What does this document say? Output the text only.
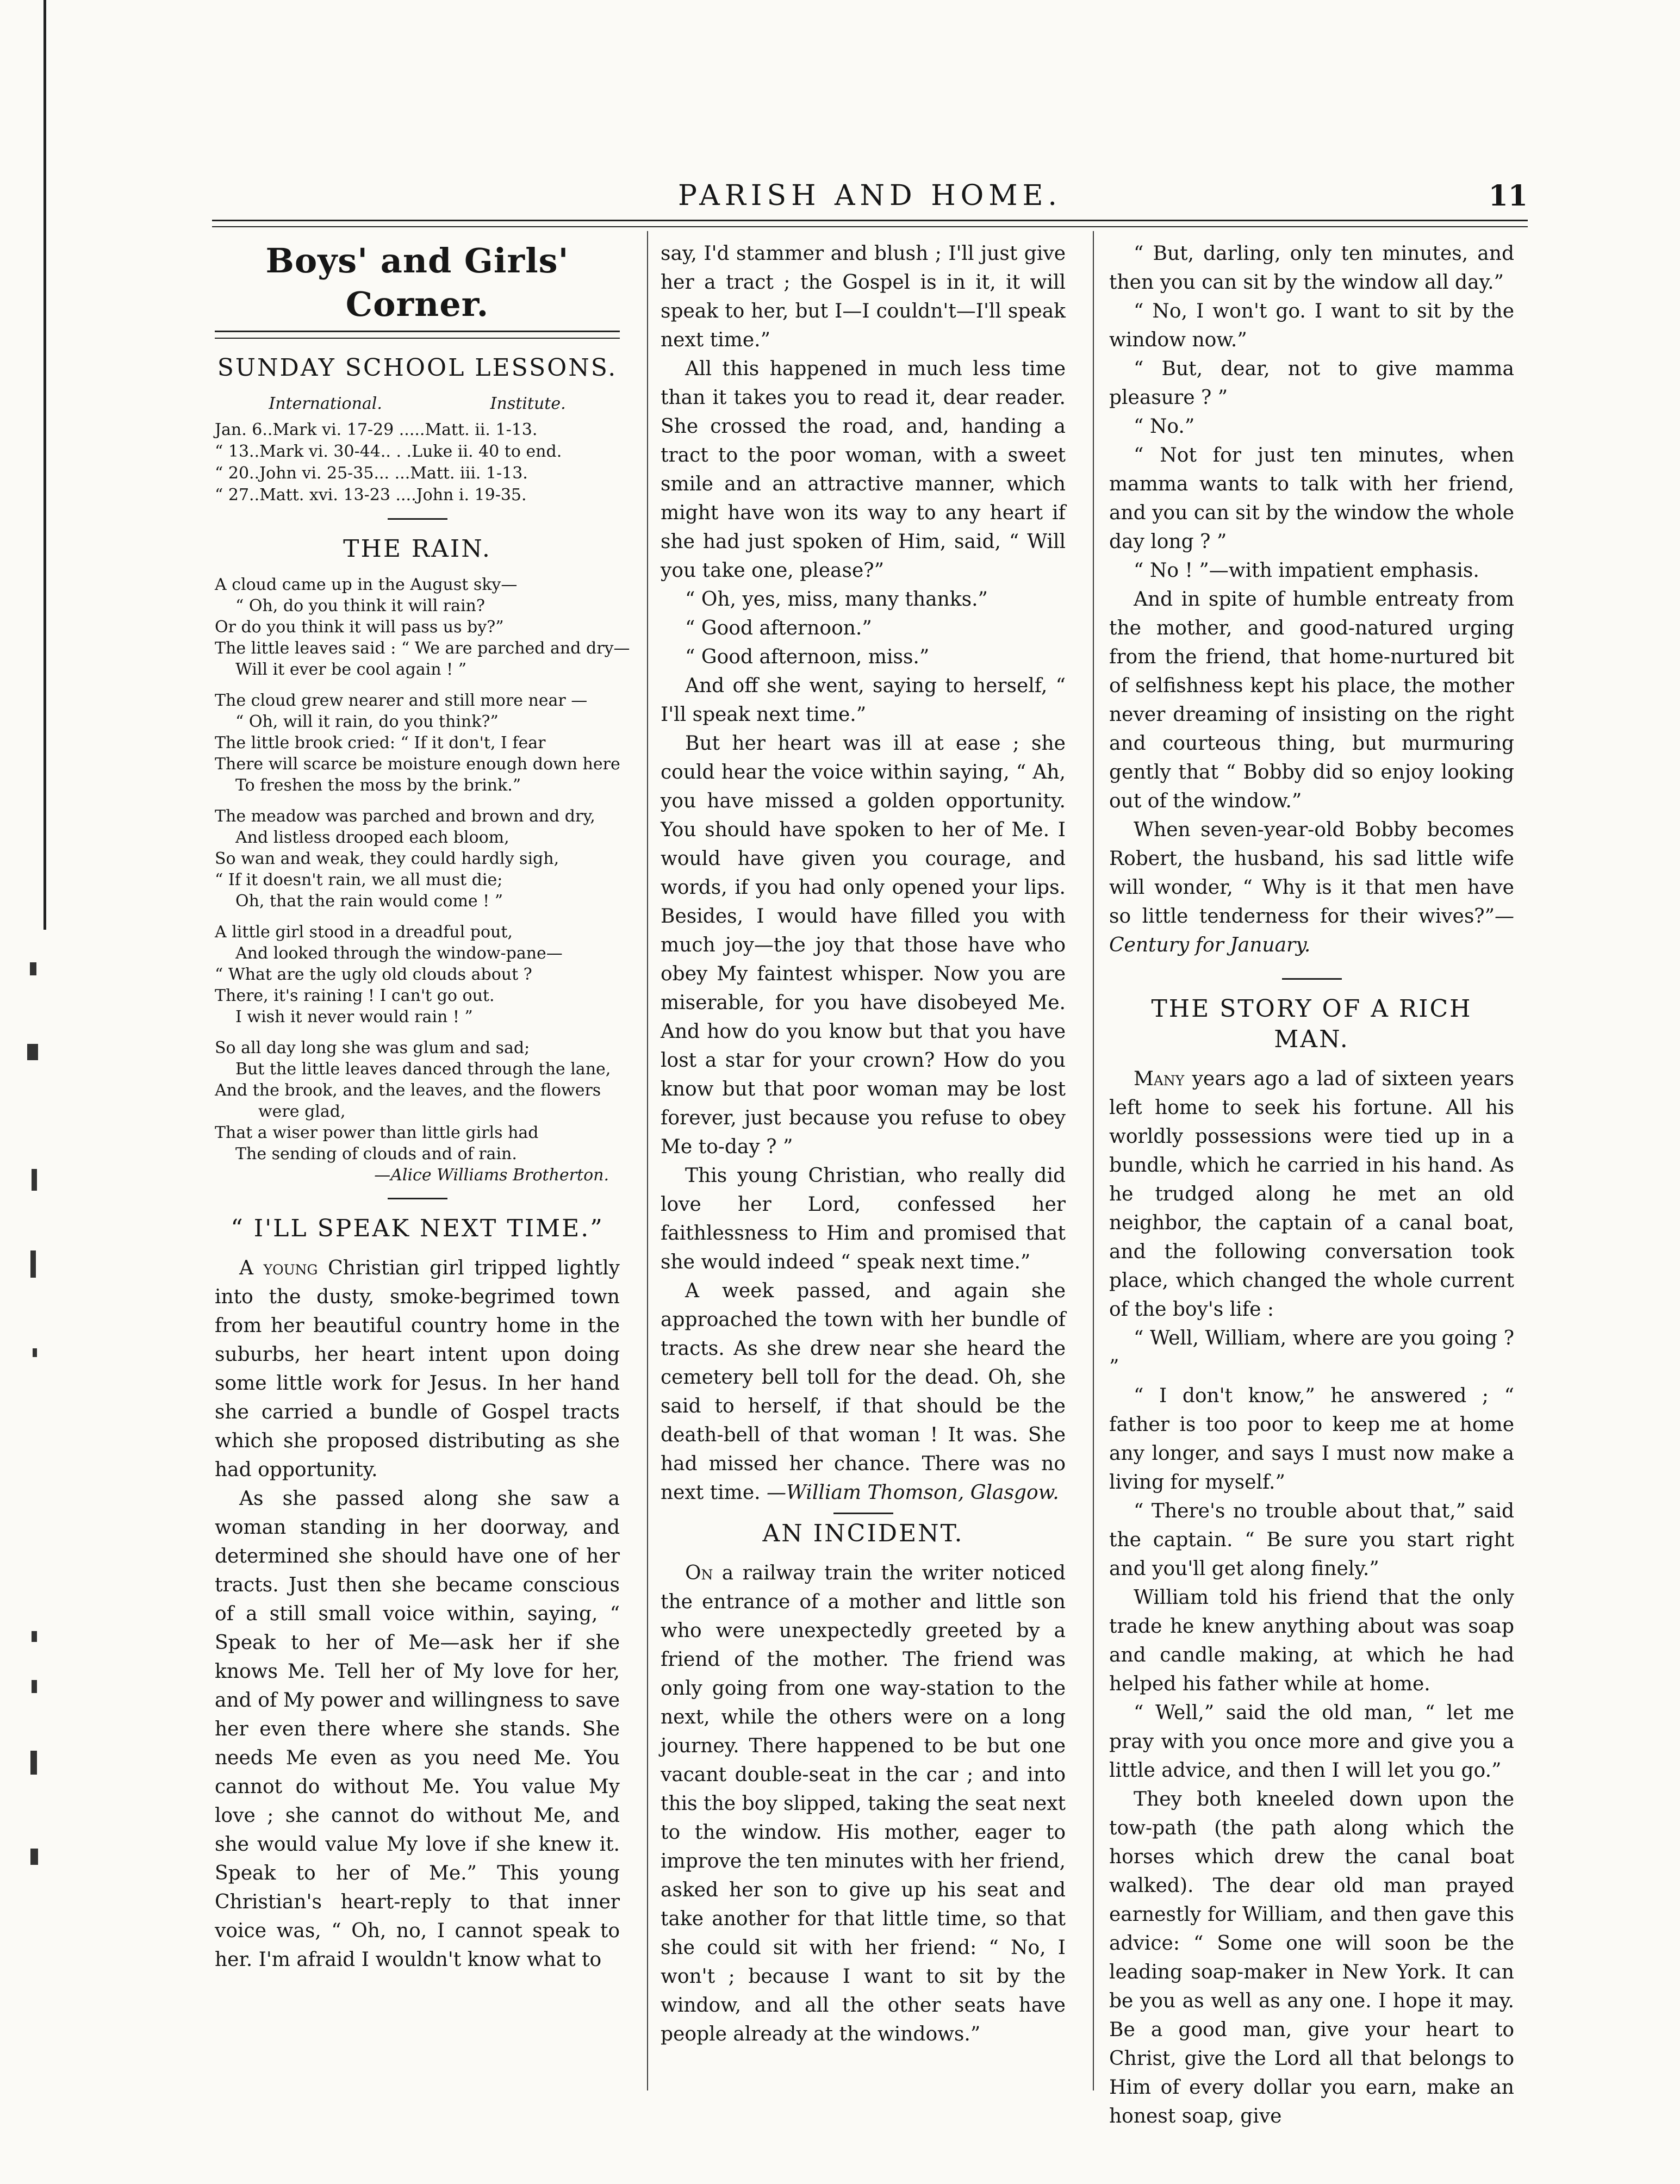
PARISH AND HOME.	11
Boys' and Girls' Corner.
SUNDAY SCHOOL LESSONS.
International.	Institute.
Jan. 6..Mark vi. 17-29 .....Matt. ii. 1-13.
“ 13..Mark vi. 30-44.. . .Luke ii. 40 to end.
“ 20..John vi. 25-35... ...Matt. iii. 1-13.
“ 27..Matt. xvi. 13-23 ....John i. 19-35.
THE RAIN.
A cloud came up in the August sky—
“ Oh, do you think it will rain?
Or do you think it will pass us by?”
The little leaves said : “ We are parched and dry—
Will it ever be cool again ! ”
The cloud grew nearer and still more near —
“ Oh, will it rain, do you think?”
The little brook cried: “ If it don't, I fear
There will scarce be moisture enough down here
To freshen the moss by the brink.”
The meadow was parched and brown and dry,
And listless drooped each bloom,
So wan and weak, they could hardly sigh,
“ If it doesn't rain, we all must die;
Oh, that the rain would come ! ”
A little girl stood in a dreadful pout,
And looked through the window-pane—
“ What are the ugly old clouds about ?
There, it's raining ! I can't go out.
I wish it never would rain ! ”
So all day long she was glum and sad;
But the little leaves danced through the lane,
And the brook, and the leaves, and the flowers
were glad,
That a wiser power than little girls had
The sending of clouds and of rain.
—Alice Williams Brotherton.
“ I'LL SPEAK NEXT TIME.”

A young Christian girl tripped lightly into the dusty, smoke-begrimed town from her beautiful country home in the suburbs, her heart intent upon doing some little work for Jesus. In her hand she carried a bundle of Gospel tracts which she proposed distributing as she had opportunity.

As she passed along she saw a woman standing in her doorway, and determined she should have one of her tracts. Just then she became conscious of a still small voice within, saying, “ Speak to her of Me—ask her if she knows Me. Tell her of My love for her, and of My power and willingness to save her even there where she stands. She needs Me even as you need Me. You cannot do without Me. You value My love ; she cannot do without Me, and she would value My love if she knew it. Speak to her of Me.” This young Christian's heart-reply to that inner voice was, “ Oh, no, I cannot speak to her. I'm afraid I wouldn't know what to

say, I'd stammer and blush ; I'll just give her a tract ; the Gospel is in it, it will speak to her, but I—I couldn't—I'll speak next time.”

All this happened in much less time than it takes you to read it, dear reader. She crossed the road, and, handing a tract to the poor woman, with a sweet smile and an attractive manner, which might have won its way to any heart if she had just spoken of Him, said, “ Will you take one, please?”

“ Oh, yes, miss, many thanks.”

“ Good afternoon.”

“ Good afternoon, miss.”

And off she went, saying to herself, “ I'll speak next time.”

But her heart was ill at ease ; she could hear the voice within saying, “ Ah, you have missed a golden opportunity. You should have spoken to her of Me. I would have given you courage, and words, if you had only opened your lips. Besides, I would have filled you with much joy—the joy that those have who obey My faintest whisper. Now you are miserable, for you have disobeyed Me. And how do you know but that you have lost a star for your crown? How do you know but that poor woman may be lost forever, just because you refuse to obey Me to-day ? ”

This young Christian, who really did love her Lord, confessed her faithlessness to Him and promised that she would indeed “ speak next time.”

A week passed, and again she approached the town with her bundle of tracts. As she drew near she heard the cemetery bell toll for the dead. Oh, she said to herself, if that should be the death-bell of that woman ! It was. She had missed her chance. There was no next time. —William Thomson, Glasgow.

AN INCIDENT.

On a railway train the writer noticed the entrance of a mother and little son who were unexpectedly greeted by a friend of the mother. The friend was only going from one way-station to the next, while the others were on a long journey. There happened to be but one vacant double-seat in the car ; and into this the boy slipped, taking the seat next to the window. His mother, eager to improve the ten minutes with her friend, asked her son to give up his seat and take another for that little time, so that she could sit with her friend: “ No, I won't ; because I want to sit by the window, and all the other seats have people already at the windows.”

“ But, darling, only ten minutes, and then you can sit by the window all day.”

“ No, I won't go. I want to sit by the window now.”

“ But, dear, not to give mamma pleasure ? ”

“ No.”

“ Not for just ten minutes, when mamma wants to talk with her friend, and you can sit by the window the whole day long ? ”

“ No ! ”—with impatient emphasis.

And in spite of humble entreaty from the mother, and good-natured urging from the friend, that home-nurtured bit of selfishness kept his place, the mother never dreaming of insisting on the right and courteous thing, but murmuring gently that “ Bobby did so enjoy looking out of the window.”

When seven-year-old Bobby becomes Robert, the husband, his sad little wife will wonder, “ Why is it that men have so little tenderness for their wives?”—Century for January.

THE STORY OF A RICH MAN.

Many years ago a lad of sixteen years left home to seek his fortune. All his worldly possessions were tied up in a bundle, which he carried in his hand. As he trudged along he met an old neighbor, the captain of a canal boat, and the following conversation took place, which changed the whole current of the boy's life :

“ Well, William, where are you going ? ”

“ I don't know,” he answered ; “ father is too poor to keep me at home any longer, and says I must now make a living for myself.”

“ There's no trouble about that,” said the captain. “ Be sure you start right and you'll get along finely.”

William told his friend that the only trade he knew anything about was soap and candle making, at which he had helped his father while at home.

“ Well,” said the old man, “ let me pray with you once more and give you a little advice, and then I will let you go.”

They both kneeled down upon the tow-path (the path along which the horses which drew the canal boat walked). The dear old man prayed earnestly for William, and then gave this advice: “ Some one will soon be the leading soap-maker in New York. It can be you as well as any one. I hope it may. Be a good man, give your heart to Christ, give the Lord all that belongs to Him of every dollar you earn, make an honest soap, give
